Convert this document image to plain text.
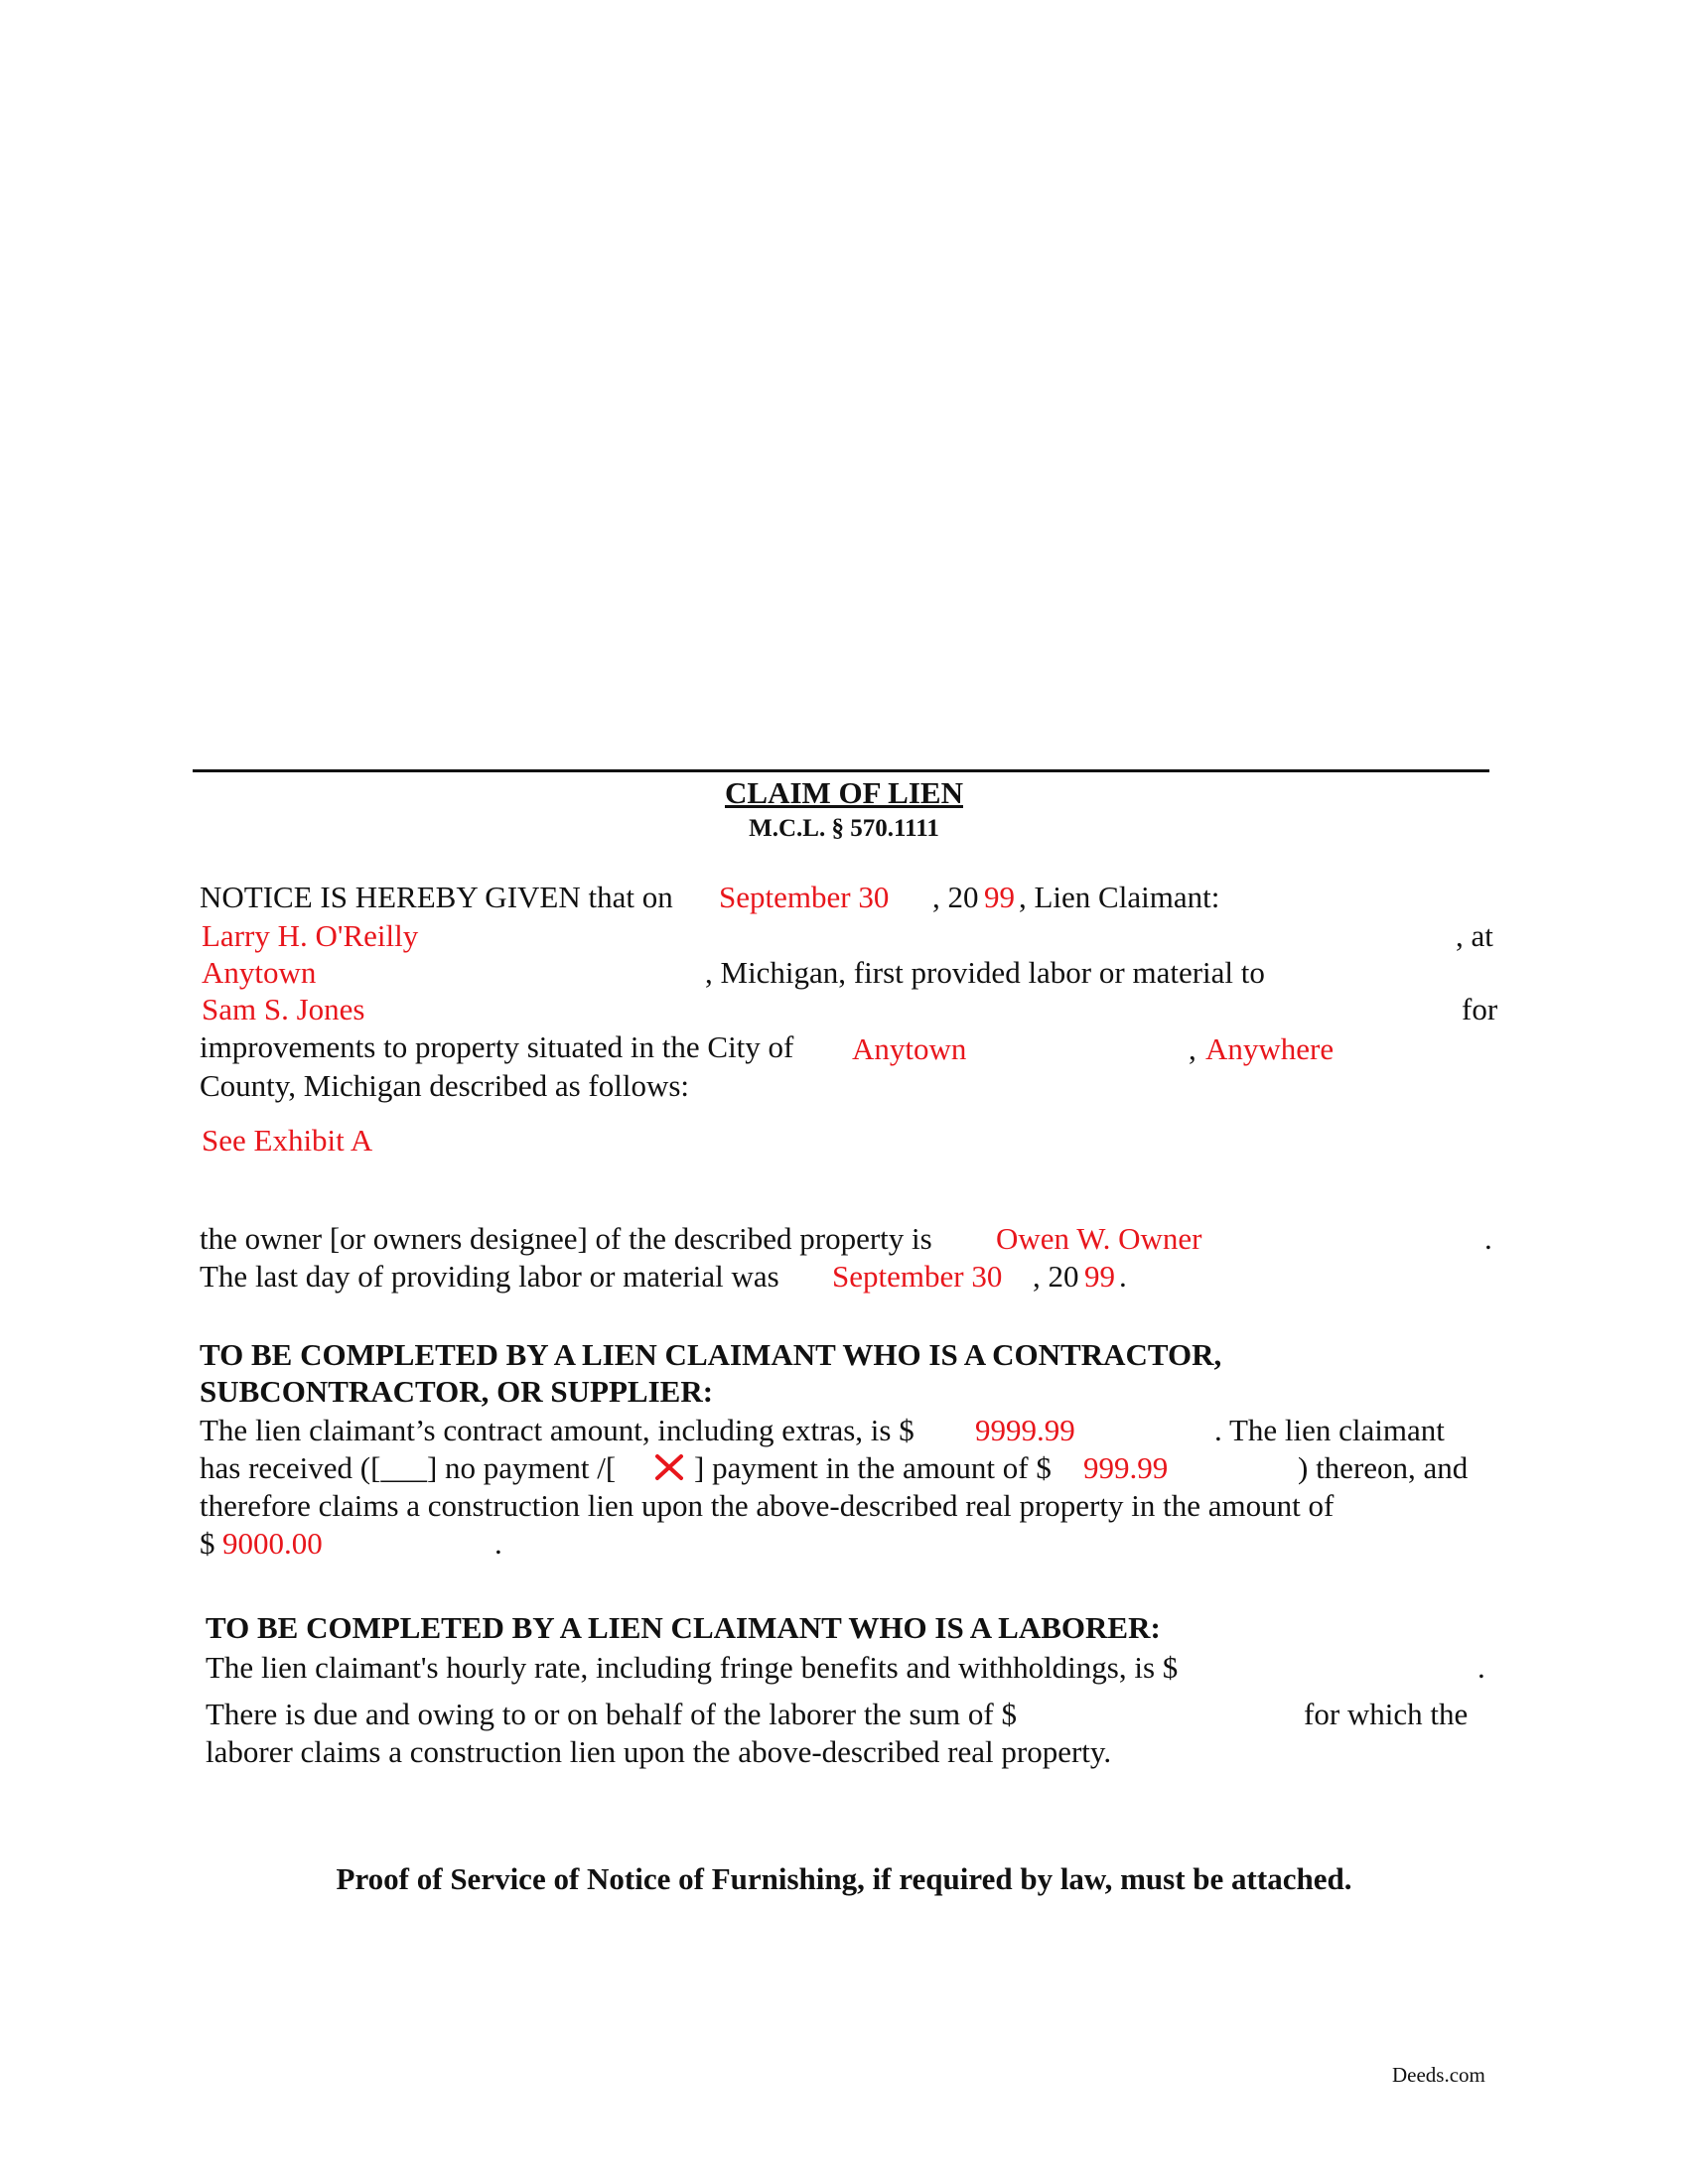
CLAIM OF LIEN
M.C.L. § 570.1111
NOTICE IS HEREBY GIVEN that on September 30 , 20 99 , Lien Claimant:
Larry H. O'Reilly	, at
Anytown	, Michigan, first provided labor or material to
Sam S. Jones	for
improvements to property situated in the City of Anytown	, Anywhere
County, Michigan described as follows:
See Exhibit A
the owner [or owners designee] of the described property is Owen W. Owner	.
The last day of providing labor or material was September 30 , 20 99 .
TO BE COMPLETED BY A LIEN CLAIMANT WHO IS A CONTRACTOR,
SUBCONTRACTOR, OR SUPPLIER:
The lien claimant’s contract amount, including extras, is $ 9999.99	. The lien claimant
has received ([___] no payment /[	] payment in the amount of $ 999.99	) thereon, and
therefore claims a construction lien upon the above-described real property in the amount of
$ 9000.00	.
TO BE COMPLETED BY A LIEN CLAIMANT WHO IS A LABORER:
The lien claimant's hourly rate, including fringe benefits and withholdings, is $	.
There is due and owing to or on behalf of the laborer the sum of $	for which the
laborer claims a construction lien upon the above-described real property.
Proof of Service of Notice of Furnishing, if required by law, must be attached.
Deeds.com
